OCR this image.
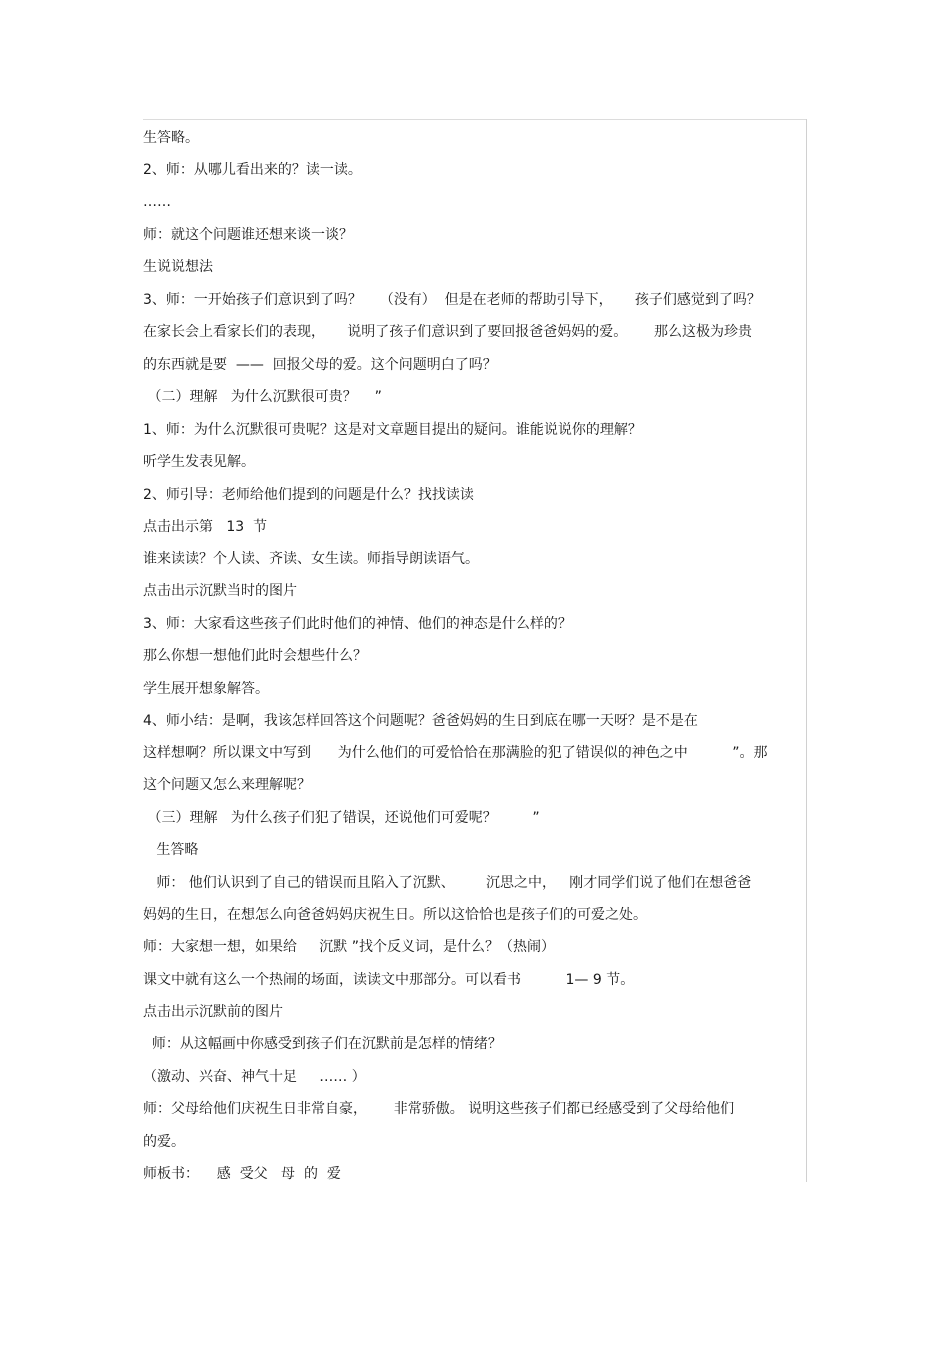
生答略。
2、师：从哪儿看出来的？读一读。
……
师：就这个问题谁还想来谈一谈？
生说说想法
3、师：一开始孩子们意识到了吗？    （没有）  但是在老师的帮助引导下，     孩子们感觉到了吗？
在家长会上看家长们的表现，     说明了孩子们意识到了要回报爸爸妈妈的爱。      那么这极为珍贵
的东西就是要  ——  回报父母的爱。这个问题明白了吗？
（二）理解   为什么沉默很可贵？    ”
1、师：为什么沉默很可贵呢？这是对文章题目提出的疑问。谁能说说你的理解？
听学生发表见解。
2、师引导：老师给他们提到的问题是什么？找找读读
点击出示第   13  节
谁来读读？个人读、齐读、女生读。师指导朗读语气。
点击出示沉默当时的图片
3、师：大家看这些孩子们此时他们的神情、他们的神态是什么样的？
那么你想一想他们此时会想些什么？
学生展开想象解答。
4、师小结：是啊，我该怎样回答这个问题呢？爸爸妈妈的生日到底在哪一天呀？是不是在
这样想啊？所以课文中写到      为什么他们的可爱恰恰在那满脸的犯了错误似的神色之中          ”。那
这个问题又怎么来理解呢？
（三）理解   为什么孩子们犯了错误，还说他们可爱呢？        ”
生答略
师： 他们认识到了自己的错误而且陷入了沉默、       沉思之中，   刚才同学们说了他们在想爸爸
妈妈的生日，在想怎么向爸爸妈妈庆祝生日。所以这恰恰也是孩子们的可爱之处。
师：大家想一想，如果给     沉默 ”找个反义词，是什么？（热闹）
课文中就有这么一个热闹的场面，读读文中那部分。可以看书          1— 9 节。
点击出示沉默前的图片
师：从这幅画中你感受到孩子们在沉默前是怎样的情绪？
（激动、兴奋、神气十足     …… ）
师：父母给他们庆祝生日非常自豪，      非常骄傲。 说明这些孩子们都已经感受到了父母给他们
的爱。
师板书：    感  受父   母  的  爱
